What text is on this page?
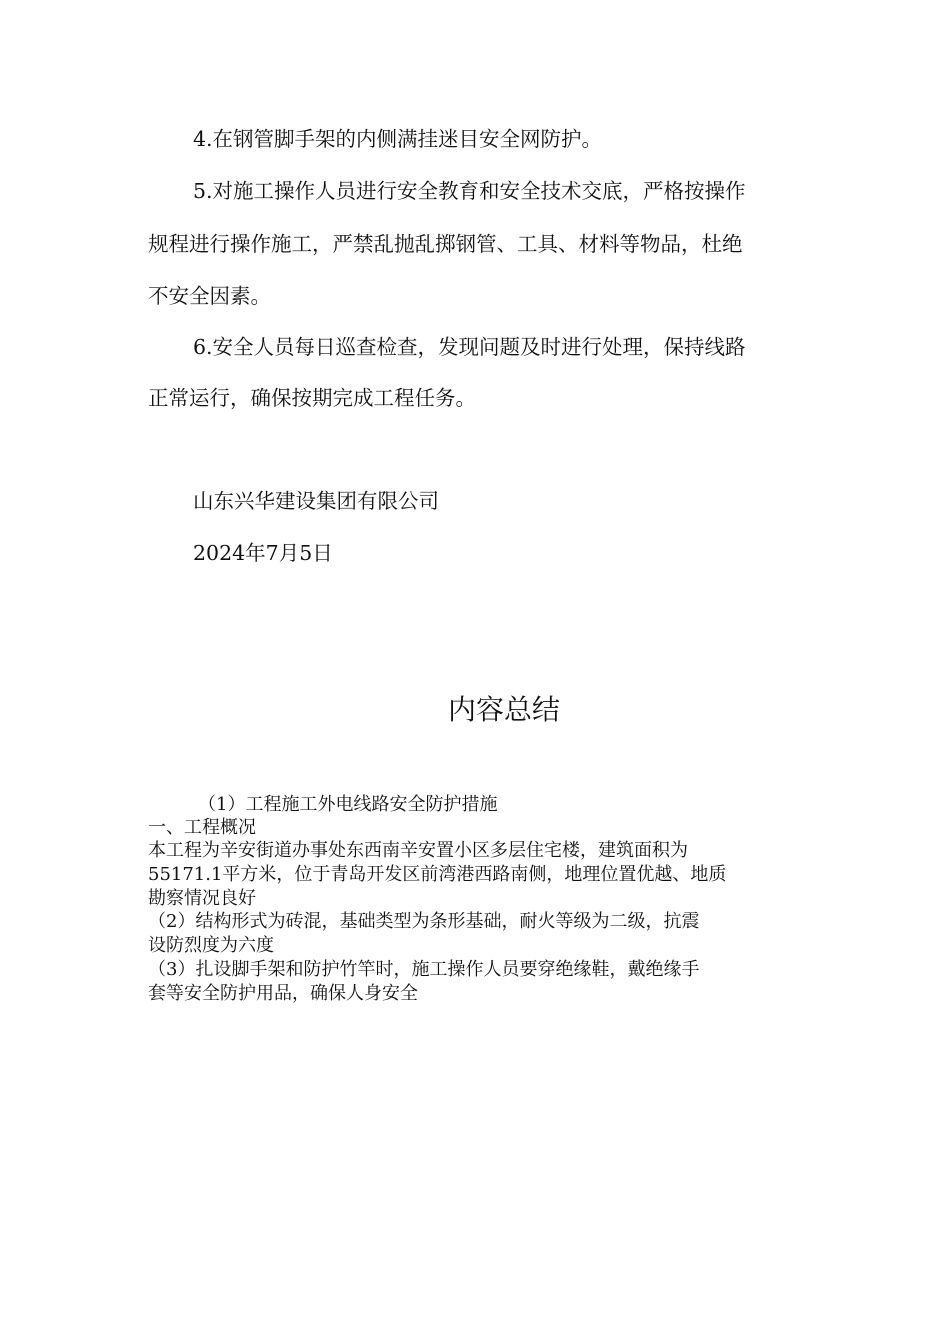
4.在钢管脚手架的内侧满挂迷目安全网防护。
5.对施工操作人员进行安全教育和安全技术交底，严格按操作
规程进行操作施工，严禁乱抛乱掷钢管、工具、材料等物品，杜绝
不安全因素。
6.安全人员每日巡查检查，发现问题及时进行处理，保持线路
正常运行，确保按期完成工程任务。
山东兴华建设集团有限公司
2024年7月5日
内容总结
（1）工程施工外电线路安全防护措施
一、工程概况
本工程为辛安街道办事处东西南辛安置小区多层住宅楼，建筑面积为
55171.1平方米，位于青岛开发区前湾港西路南侧，地理位置优越、地质
勘察情况良好
（2）结构形式为砖混，基础类型为条形基础，耐火等级为二级，抗震
设防烈度为六度
（3）扎设脚手架和防护竹竿时，施工操作人员要穿绝缘鞋，戴绝缘手
套等安全防护用品，确保人身安全
